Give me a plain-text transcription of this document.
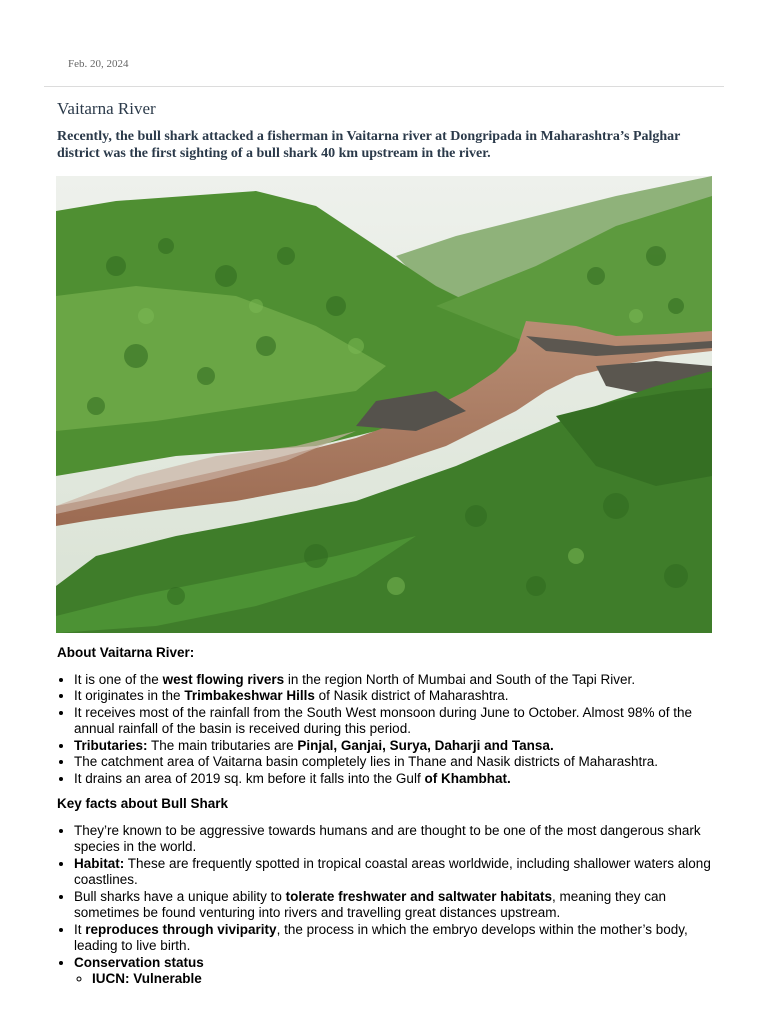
Feb. 20, 2024
Vaitarna River

Recently, the bull shark attacked a fisherman in Vaitarna river at Dongripada in Maharashtra’s Palghar district was the first sighting of a bull shark 40 km upstream in the river.

About Vaitarna River:
• It is one of the west flowing rivers in the region North of Mumbai and South of the Tapi River.
• It originates in the Trimbakeshwar Hills of Nasik district of Maharashtra.
• It receives most of the rainfall from the South West monsoon during June to October. Almost 98% of the annual rainfall of the basin is received during this period.
• Tributaries: The main tributaries are Pinjal, Ganjai, Surya, Daharji and Tansa.
• The catchment area of Vaitarna basin completely lies in Thane and Nasik districts of Maharashtra.
• It drains an area of 2019 sq. km before it falls into the Gulf of Khambhat.
Key facts about Bull Shark
• They’re known to be aggressive towards humans and are thought to be one of the most dangerous shark species in the world.
• Habitat: These are frequently spotted in tropical coastal areas worldwide, including shallower waters along coastlines.
• Bull sharks have a unique ability to tolerate freshwater and saltwater habitats, meaning they can sometimes be found venturing into rivers and travelling great distances upstream.
• It reproduces through viviparity, the process in which the embryo develops within the mother’s body, leading to live birth.
• Conservation status
◦ IUCN: Vulnerable
